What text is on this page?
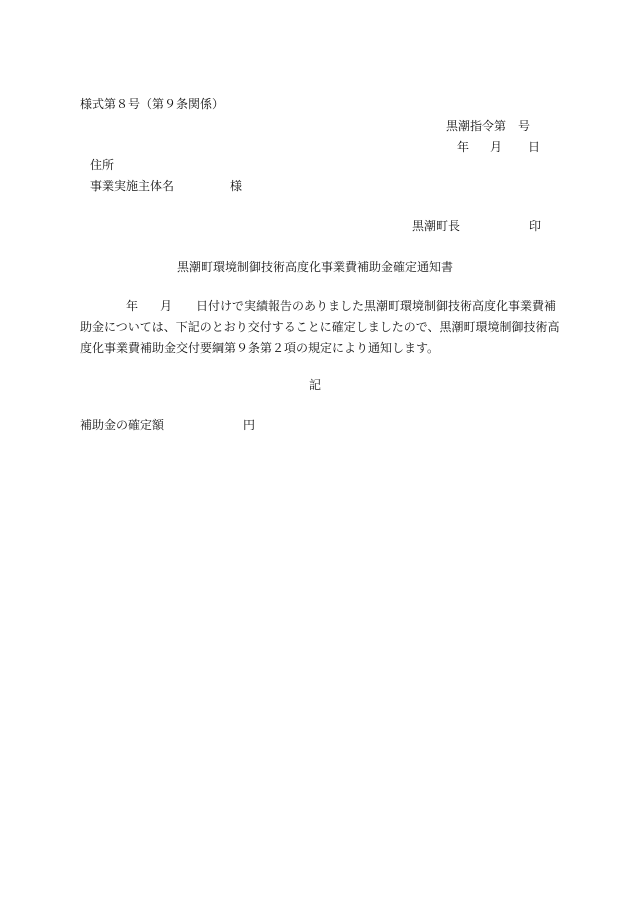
様式第８号（第９条関係）
黒潮指令第 号
年 月 日
住所
事業実施主体名	様
黒潮町長	印
黒潮町環境制御技術高度化事業費補助金確定通知書

年 月 日付けで実績報告のありました黒潮町環境制御技術高度化事業費補

助金については、下記のとおり交付することに確定しましたので、黒潮町環境制御技術高

度化事業費補助金交付要綱第９条第２項の規定により通知します。

記
補助金の確定額	円
